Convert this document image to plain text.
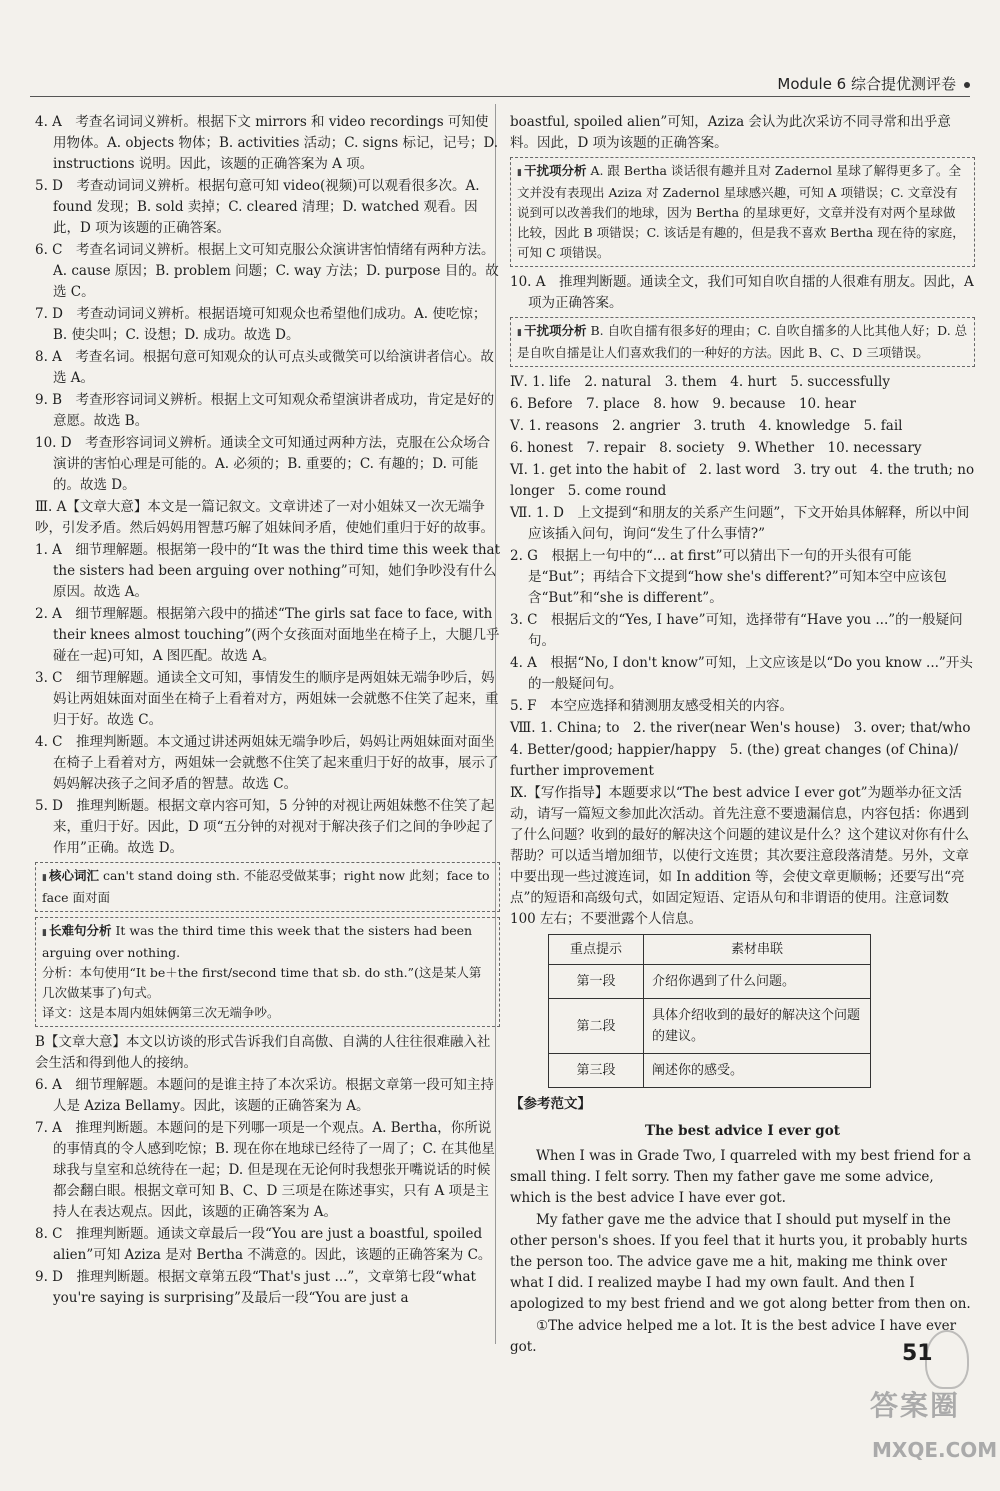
Module 6 综合提优测评卷

4. A　考查名词词义辨析。根据下文 mirrors 和 video recordings 可知使用物体。A. objects 物体；B. activities 活动；C. signs 标记，记号；D. instructions 说明。因此，该题的正确答案为 A 项。

5. D　考查动词词义辨析。根据句意可知 video(视频)可以观看很多次。A. found 发现；B. sold 卖掉；C. cleared 清理；D. watched 观看。因此，D 项为该题的正确答案。

6. C　考查名词词义辨析。根据上文可知克服公众演讲害怕情绪有两种方法。A. cause 原因；B. problem 问题；C. way 方法；D. purpose 目的。故选 C。

7. D　考查动词词义辨析。根据语境可知观众也希望他们成功。A. 使吃惊；B. 使尖叫；C. 设想；D. 成功。故选 D。

8. A　考查名词。根据句意可知观众的认可点头或微笑可以给演讲者信心。故选 A。

9. B　考查形容词词义辨析。根据上文可知观众希望演讲者成功，肯定是好的意愿。故选 B。

10. D　考查形容词词义辨析。通读全文可知通过两种方法，克服在公众场合演讲的害怕心理是可能的。A. 必须的；B. 重要的；C. 有趣的；D. 可能的。故选 D。

Ⅲ. A【文章大意】本文是一篇记叙文。文章讲述了一对小姐妹又一次无端争吵，引发矛盾。然后妈妈用智慧巧解了姐妹间矛盾，使她们重归于好的故事。

1. A　细节理解题。根据第一段中的“It was the third time this week that the sisters had been arguing over nothing”可知，她们争吵没有什么原因。故选 A。

2. A　细节理解题。根据第六段中的描述“The girls sat face to face, with their knees almost touching”(两个女孩面对面地坐在椅子上，大腿几乎碰在一起)可知，A 图匹配。故选 A。

3. C　细节理解题。通读全文可知，事情发生的顺序是两姐妹无端争吵后，妈妈让两姐妹面对面坐在椅子上看着对方，两姐妹一会就憋不住笑了起来，重归于好。故选 C。

4. C　推理判断题。本文通过讲述两姐妹无端争吵后，妈妈让两姐妹面对面坐在椅子上看着对方，两姐妹一会就憋不住笑了起来重归于好的故事，展示了妈妈解决孩子之间矛盾的智慧。故选 C。

5. D　推理判断题。根据文章内容可知，5 分钟的对视让两姐妹憋不住笑了起来，重归于好。因此，D 项“五分钟的对视对于解决孩子们之间的争吵起了作用”正确。故选 D。

▮ 核心词汇 can't stand doing sth. 不能忍受做某事；right now 此刻；face to face 面对面
▮ 长难句分析 It was the third time this week that the sisters had been arguing over nothing.
分析：本句使用“It be＋the first/second time that sb. do sth.”(这是某人第几次做某事了)句式。
译文：这是本周内姐妹俩第三次无端争吵。

B【文章大意】本文以访谈的形式告诉我们自高傲、自满的人往往很难融入社会生活和得到他人的接纳。

6. A　细节理解题。本题问的是谁主持了本次采访。根据文章第一段可知主持人是 Aziza Bellamy。因此，该题的正确答案为 A。

7. A　推理判断题。本题问的是下列哪一项是一个观点。A. Bertha，你所说的事情真的令人感到吃惊；B. 现在你在地球已经待了一周了；C. 在其他星球我与皇室和总统待在一起；D. 但是现在无论何时我想张开嘴说话的时候都会翻白眼。根据文章可知 B、C、D 三项是在陈述事实，只有 A 项是主持人在表达观点。因此，该题的正确答案为 A。

8. C　推理判断题。通读文章最后一段“You are just a boastful, spoiled alien”可知 Aziza 是对 Bertha 不满意的。因此，该题的正确答案为 C。

9. D　推理判断题。根据文章第五段“That's just ...”，文章第七段“what you're saying is surprising”及最后一段“You are just a

boastful, spoiled alien”可知，Aziza 会认为此次采访不同寻常和出乎意料。因此，D 项为该题的正确答案。

▮ 干扰项分析 A. 跟 Bertha 谈话很有趣并且对 Zadernol 星球了解得更多了。全文并没有表现出 Aziza 对 Zadernol 星球感兴趣，可知 A 项错误；C. 文章没有说到可以改善我们的地球，因为 Bertha 的星球更好，文章并没有对两个星球做比较，因此 B 项错误；C. 该话是有趣的，但是我不喜欢 Bertha 现在待的家庭，可知 C 项错误。

10. A　推理判断题。通读全文，我们可知自吹自擂的人很难有朋友。因此，A 项为正确答案。

▮ 干扰项分析 B. 自吹自擂有很多好的理由；C. 自吹自擂多的人比其他人好；D. 总是自吹自擂是让人们喜欢我们的一种好的方法。因此 B、C、D 三项错误。

Ⅳ. 1. life　2. natural　3. them　4. hurt　5. successfully

6. Before　7. place　8. how　9. because　10. hear

Ⅴ. 1. reasons　2. angrier　3. truth　4. knowledge　5. fail

6. honest　7. repair　8. society　9. Whether　10. necessary

Ⅵ. 1. get into the habit of　2. last word　3. try out　4. the truth; no longer　5. come round

Ⅶ. 1. D　上文提到“和朋友的关系产生问题”，下文开始具体解释，所以中间应该插入问句，询问“发生了什么事情?”

2. G　根据上一句中的“... at first”可以猜出下一句的开头很有可能是“But”；再结合下文提到“how she's different?”可知本空中应该包含“But”和“she is different”。

3. C　根据后文的“Yes, I have”可知，选择带有“Have you ...”的一般疑问句。

4. A　根据“No, I don't know”可知，上文应该是以“Do you know ...”开头的一般疑问句。

5. F　本空应选择和猜测朋友感受相关的内容。

Ⅷ. 1. China; to　2. the river(near Wen's house)　3. over; that/who

4. Better/good; happier/happy　5. (the) great changes (of China)/ further improvement

Ⅸ.【写作指导】本题要求以“The best advice I ever got”为题举办征文活动，请写一篇短文参加此次活动。首先注意不要遗漏信息，内容包括：你遇到了什么问题？收到的最好的解决这个问题的建议是什么？这个建议对你有什么帮助？可以适当增加细节，以使行文连贯；其次要注意段落清楚。另外，文章中要出现一些过渡连词，如 In addition 等，会使文章更顺畅；还要写出“亮点”的短语和高级句式，如固定短语、定语从句和非谓语的使用。注意词数 100 左右；不要泄露个人信息。

重点提示	素材串联
第一段	介绍你遇到了什么问题。
第二段	具体介绍收到的最好的解决这个问题的建议。
第三段	阐述你的感受。

【参考范文】

The best advice I ever got

When I was in Grade Two, I quarreled with my best friend for a small thing. I felt sorry. Then my father gave me some advice, which is the best advice I have ever got.

My father gave me the advice that I should put myself in the other person's shoes. If you feel that it hurts you, it probably hurts the person too. The advice gave me a hit, making me think over what I did. I realized maybe I had my own fault. And then I apologized to my best friend and we got along better from then on.

①The advice helped me a lot. It is the best advice I have ever got.	51
答案圈
MXQE.COM
